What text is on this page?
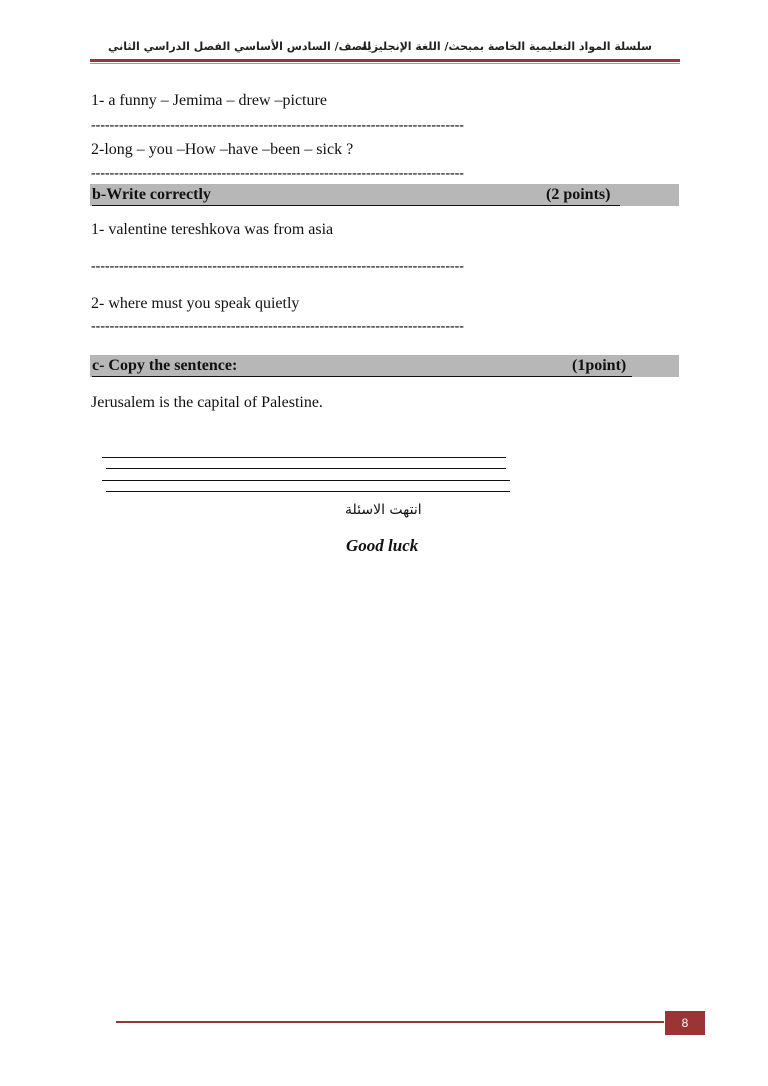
سلسلة المواد التعليمية الخاصة بمبحث/ اللغة الإنجليزية
للصف/ السادس الأساسي الفصل الدراسي الثاني
1- a funny – Jemima – drew –picture
--------------------------------------------------------------------------------
2-long – you –How –have –been – sick ?
--------------------------------------------------------------------------------
b-Write correctly	(2 points)
1- valentine tereshkova was from asia
--------------------------------------------------------------------------------
2- where must you speak quietly
--------------------------------------------------------------------------------
c- Copy the sentence:	(1point)
Jerusalem is the capital of Palestine.
انتهت الاسئلة
Good luck
8
